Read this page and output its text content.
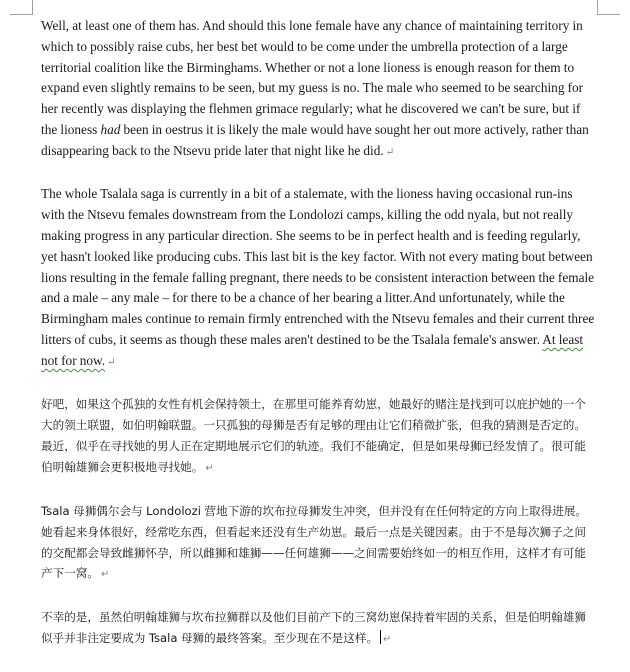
Well, at least one of them has. And should this lone female have any chance of maintaining territory in which to possibly raise cubs, her best bet would to be come under the umbrella protection of a large territorial coalition like the Birminghams. Whether or not a lone lioness is enough reason for them to expand even slightly remains to be seen, but my guess is no. The male who seemed to be searching for her recently was displaying the flehmen grimace regularly; what he discovered we can't be sure, but if the lioness had been in oestrus it is likely the male would have sought her out more actively, rather than disappearing back to the Ntsevu pride later that night like he did. ↵

The whole Tsalala saga is currently in a bit of a stalemate, with the lioness having occasional run-ins with the Ntsevu females downstream from the Londolozi camps, killing the odd nyala, but not really making progress in any particular direction. She seems to be in perfect health and is feeding regularly, yet hasn't looked like producing cubs. This last bit is the key factor. With not every mating bout between lions resulting in the female falling pregnant, there needs to be consistent interaction between the female and a male – any male – for there to be a chance of her bearing a litter.And unfortunately, while the Birmingham males continue to remain firmly entrenched with the Ntsevu females and their current three litters of cubs, it seems as though these males aren't destined to be the Tsalala female's answer. At least not for now. ↵

好吧，如果这个孤独的女性有机会保持领土，在那里可能养育幼崽，她最好的赌注是找到可以庇护她的一个大的领土联盟，如伯明翰联盟。一只孤独的母狮是否有足够的理由让它们稍微扩张，但我的猜测是否定的。最近，似乎在寻找她的男人正在定期地展示它们的轨迹。我们不能确定，但是如果母狮已经发情了。很可能伯明翰雄狮会更积极地寻找她。 ↵

Tsala 母狮偶尔会与 Londolozi 营地下游的坎布拉母狮发生冲突，但并没有在任何特定的方向上取得进展。她看起来身体很好，经常吃东西，但看起来还没有生产幼崽。最后一点是关键因素。由于不是每次狮子之间的交配都会导致雌狮怀孕，所以雌狮和雄狮——任何雄狮——之间需要始终如一的相互作用，这样才有可能产下一窝。 ↵

不幸的是，虽然伯明翰雄狮与坎布拉狮群以及他们目前产下的三窝幼崽保持着牢固的关系，但是伯明翰雄狮似乎并非注定要成为 Tsala 母狮的最终答案。至少现在不是这样。 ↵
